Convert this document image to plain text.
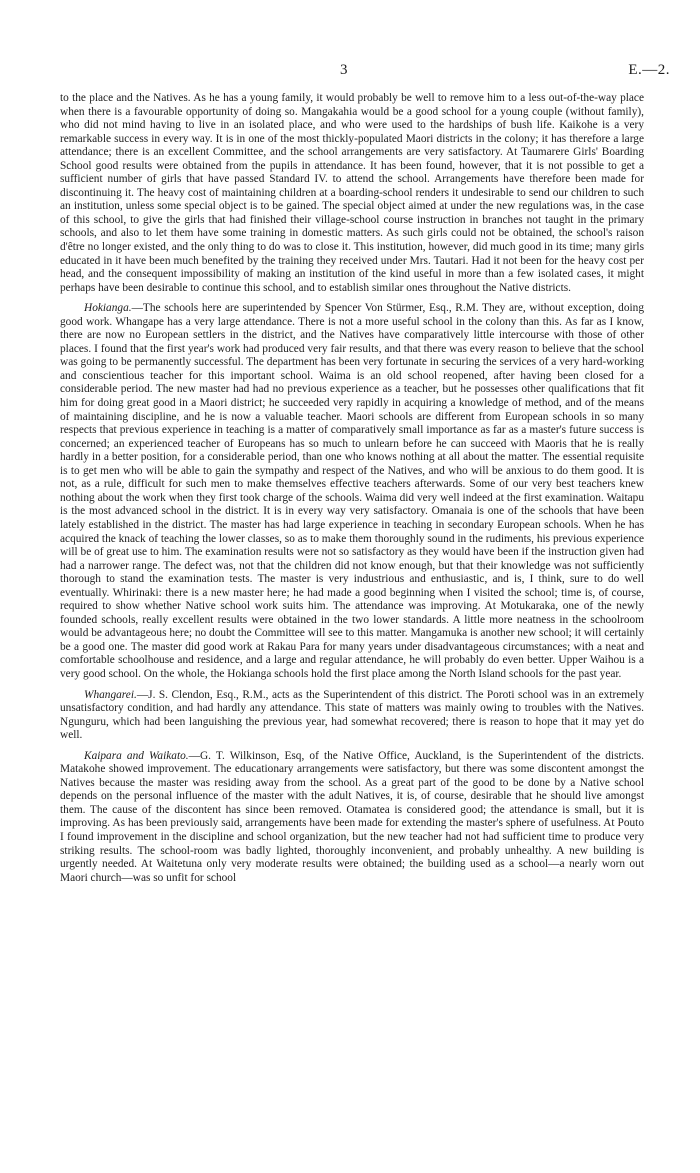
3	E.—2.

to the place and the Natives. As he has a young family, it would probably be well to remove him to a less out-of-the-way place when there is a favourable opportunity of doing so. Mangakahia would be a good school for a young couple (without family), who did not mind having to live in an isolated place, and who were used to the hardships of bush life. Kaikohe is a very remarkable success in every way. It is in one of the most thickly-populated Maori districts in the colony; it has therefore a large attendance; there is an excellent Committee, and the school arrangements are very satisfactory. At Taumarere Girls' Boarding School good results were obtained from the pupils in attendance. It has been found, however, that it is not possible to get a sufficient number of girls that have passed Standard IV. to attend the school. Arrangements have therefore been made for discontinuing it. The heavy cost of maintaining children at a boarding-school renders it undesirable to send our children to such an institution, unless some special object is to be gained. The special object aimed at under the new regulations was, in the case of this school, to give the girls that had finished their village-school course instruction in branches not taught in the primary schools, and also to let them have some training in domestic matters. As such girls could not be obtained, the school's raison d'être no longer existed, and the only thing to do was to close it. This institution, however, did much good in its time; many girls educated in it have been much benefited by the training they received under Mrs. Tautari. Had it not been for the heavy cost per head, and the consequent impossibility of making an institution of the kind useful in more than a few isolated cases, it might perhaps have been desirable to continue this school, and to establish similar ones throughout the Native districts.

Hokianga.—The schools here are superintended by Spencer Von Stürmer, Esq., R.M. They are, without exception, doing good work. Whangape has a very large attendance. There is not a more useful school in the colony than this. As far as I know, there are now no European settlers in the district, and the Natives have comparatively little intercourse with those of other places. I found that the first year's work had produced very fair results, and that there was every reason to believe that the school was going to be permanently successful. The department has been very fortunate in securing the services of a very hard-working and conscientious teacher for this important school. Waima is an old school reopened, after having been closed for a considerable period. The new master had had no previous experience as a teacher, but he possesses other qualifications that fit him for doing great good in a Maori district; he succeeded very rapidly in acquiring a knowledge of method, and of the means of maintaining discipline, and he is now a valuable teacher. Maori schools are different from European schools in so many respects that previous experience in teaching is a matter of comparatively small importance as far as a master's future success is concerned; an experienced teacher of Europeans has so much to unlearn before he can succeed with Maoris that he is really hardly in a better position, for a considerable period, than one who knows nothing at all about the matter. The essential requisite is to get men who will be able to gain the sympathy and respect of the Natives, and who will be anxious to do them good. It is not, as a rule, difficult for such men to make themselves effective teachers afterwards. Some of our very best teachers knew nothing about the work when they first took charge of the schools. Waima did very well indeed at the first examination. Waitapu is the most advanced school in the district. It is in every way very satisfactory. Omanaia is one of the schools that have been lately established in the district. The master has had large experience in teaching in secondary European schools. When he has acquired the knack of teaching the lower classes, so as to make them thoroughly sound in the rudiments, his previous experience will be of great use to him. The examination results were not so satisfactory as they would have been if the instruction given had had a narrower range. The defect was, not that the children did not know enough, but that their knowledge was not sufficiently thorough to stand the examination tests. The master is very industrious and enthusiastic, and is, I think, sure to do well eventually. Whirinaki: there is a new master here; he had made a good beginning when I visited the school; time is, of course, required to show whether Native school work suits him. The attendance was improving. At Motukaraka, one of the newly founded schools, really excellent results were obtained in the two lower standards. A little more neatness in the schoolroom would be advantageous here; no doubt the Committee will see to this matter. Mangamuka is another new school; it will certainly be a good one. The master did good work at Rakau Para for many years under disadvantageous circumstances; with a neat and comfortable schoolhouse and residence, and a large and regular attendance, he will probably do even better. Upper Waihou is a very good school. On the whole, the Hokianga schools hold the first place among the North Island schools for the past year.

Whangarei.—J. S. Clendon, Esq., R.M., acts as the Superintendent of this district. The Poroti school was in an extremely unsatisfactory condition, and had hardly any attendance. This state of matters was mainly owing to troubles with the Natives. Ngunguru, which had been languishing the previous year, had somewhat recovered; there is reason to hope that it may yet do well.

Kaipara and Waikato.—G. T. Wilkinson, Esq, of the Native Office, Auckland, is the Superintendent of the districts. Matakohe showed improvement. The educationary arrangements were satisfactory, but there was some discontent amongst the Natives because the master was residing away from the school. As a great part of the good to be done by a Native school depends on the personal influence of the master with the adult Natives, it is, of course, desirable that he should live amongst them. The cause of the discontent has since been removed. Otamatea is considered good; the attendance is small, but it is improving. As has been previously said, arrangements have been made for extending the master's sphere of usefulness. At Pouto I found improvement in the discipline and school organization, but the new teacher had not had sufficient time to produce very striking results. The school-room was badly lighted, thoroughly inconvenient, and probably unhealthy. A new building is urgently needed. At Waitetuna only very moderate results were obtained; the building used as a school—a nearly worn out Maori church—was so unfit for school
